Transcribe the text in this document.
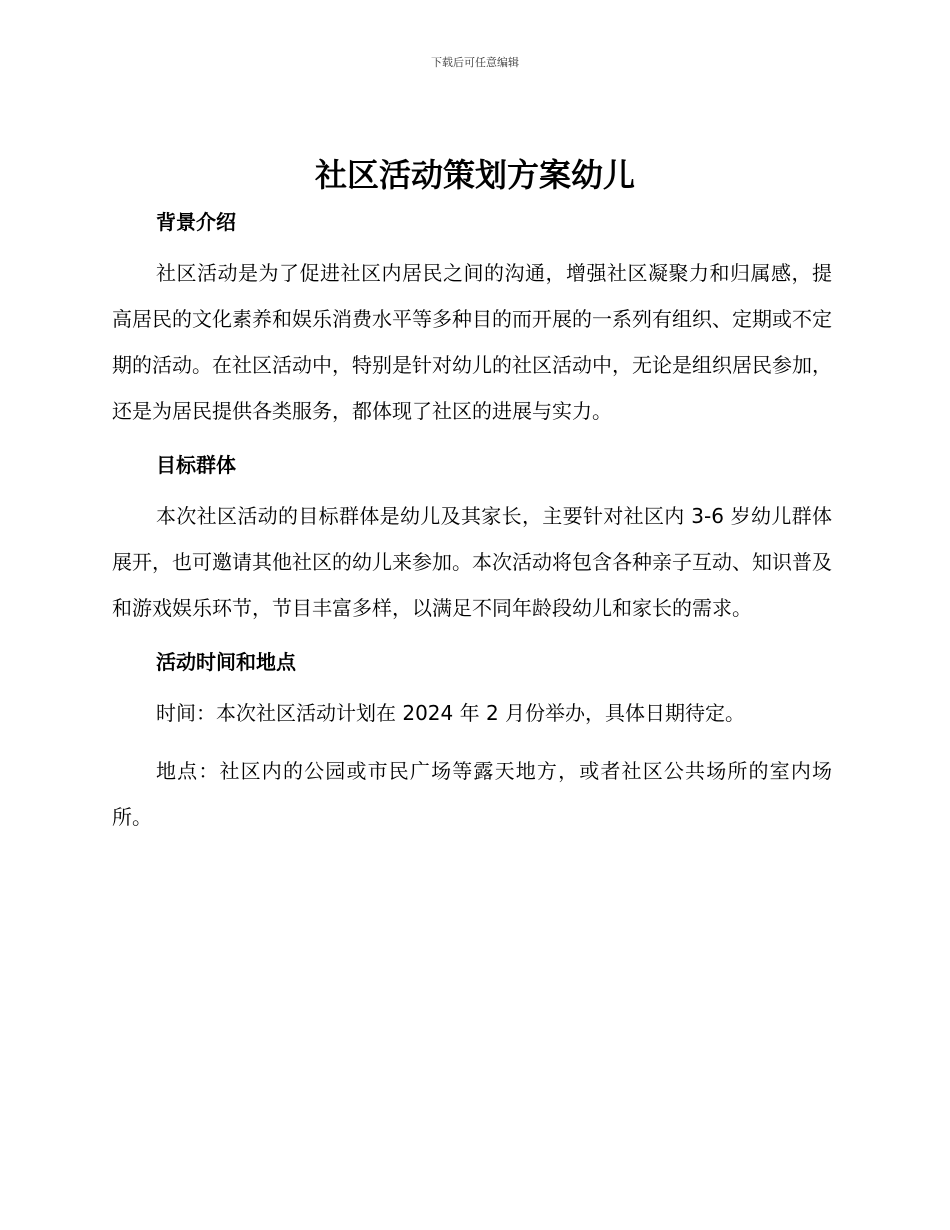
下载后可任意编辑
社区活动策划方案幼儿
背景介绍

社区活动是为了促进社区内居民之间的沟通，增强社区凝聚力和归属感，提高居民的文化素养和娱乐消费水平等多种目的而开展的一系列有组织、定期或不定期的活动。在社区活动中，特别是针对幼儿的社区活动中，无论是组织居民参加，还是为居民提供各类服务，都体现了社区的进展与实力。

目标群体

本次社区活动的目标群体是幼儿及其家长，主要针对社区内 3-6 岁幼儿群体展开，也可邀请其他社区的幼儿来参加。本次活动将包含各种亲子互动、知识普及和游戏娱乐环节，节目丰富多样，以满足不同年龄段幼儿和家长的需求。

活动时间和地点

时间：本次社区活动计划在 2024 年 2 月份举办，具体日期待定。

地点：社区内的公园或市民广场等露天地方，或者社区公共场所的室内场所。
